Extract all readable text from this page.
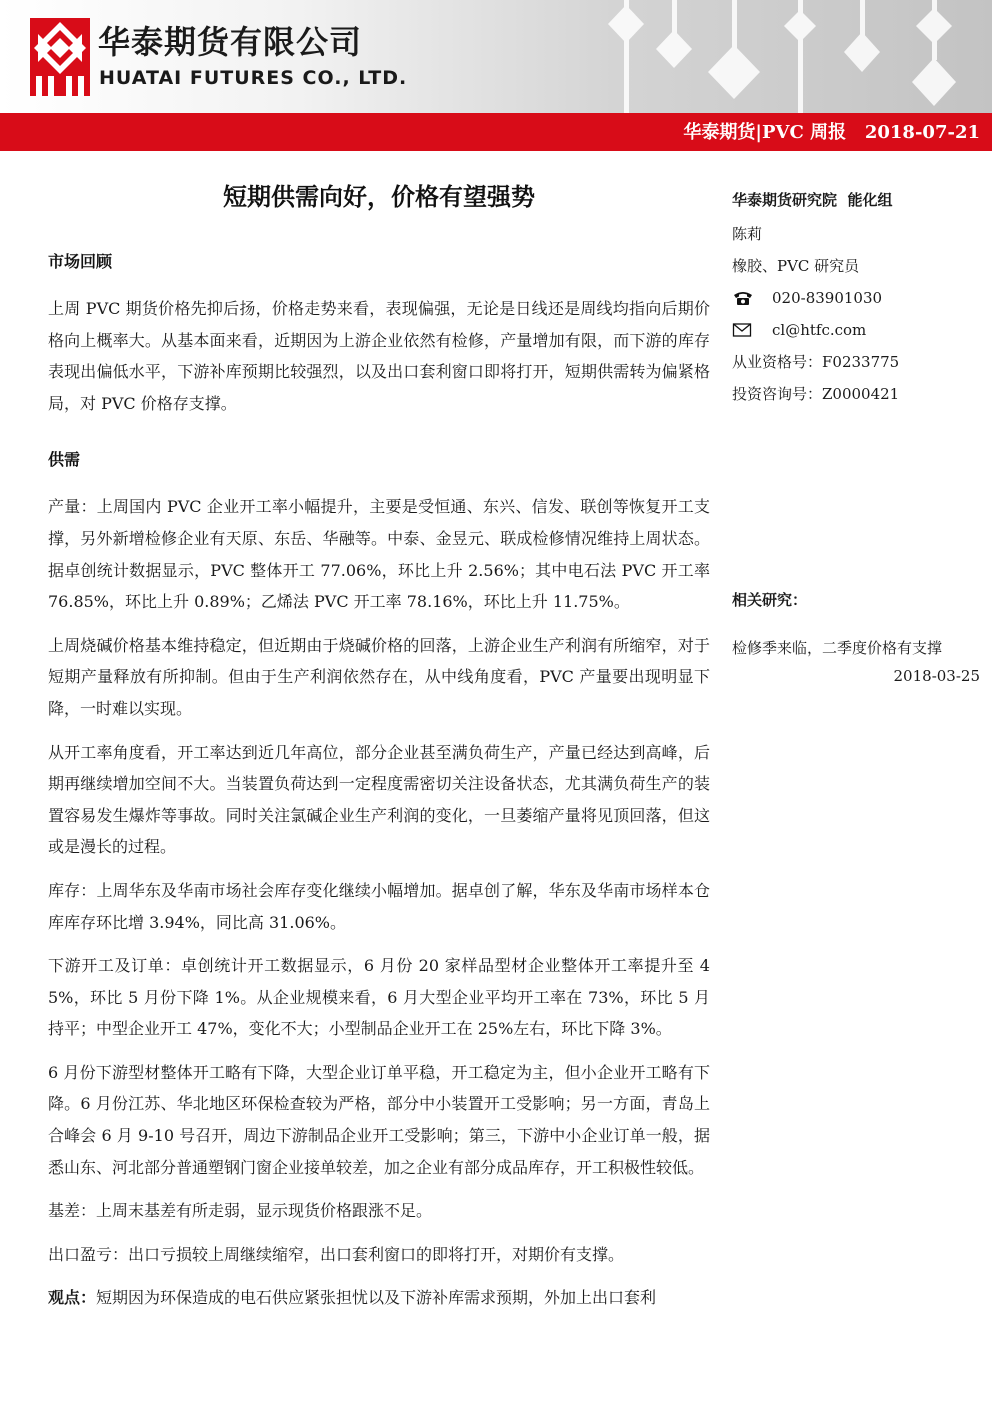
华泰期货有限公司
HUATAI FUTURES CO., LTD.
华泰期货|PVC 周报   2018-07-21
短期供需向好，价格有望强势
市场回顾

上周 PVC 期货价格先抑后扬，价格走势来看，表现偏强，无论是日线还是周线均指向后期价格向上概率大。从基本面来看，近期因为上游企业依然有检修，产量增加有限，而下游的库存表现出偏低水平，下游补库预期比较强烈，以及出口套利窗口即将打开，短期供需转为偏紧格局，对 PVC 价格存支撑。

供需

产量：上周国内 PVC 企业开工率小幅提升，主要是受恒通、东兴、信发、联创等恢复开工支撑，另外新增检修企业有天原、东岳、华融等。中泰、金昱元、联成检修情况维持上周状态。据卓创统计数据显示，PVC 整体开工 77.06%，环比上升 2.56%；其中电石法 PVC 开工率 76.85%，环比上升 0.89%；乙烯法 PVC 开工率 78.16%，环比上升 11.75%。

上周烧碱价格基本维持稳定，但近期由于烧碱价格的回落，上游企业生产利润有所缩窄，对于短期产量释放有所抑制。但由于生产利润依然存在，从中线角度看，PVC 产量要出现明显下降，一时难以实现。

从开工率角度看，开工率达到近几年高位，部分企业甚至满负荷生产，产量已经达到高峰，后期再继续增加空间不大。当装置负荷达到一定程度需密切关注设备状态，尤其满负荷生产的装置容易发生爆炸等事故。同时关注氯碱企业生产利润的变化，一旦萎缩产量将见顶回落，但这或是漫长的过程。

库存：上周华东及华南市场社会库存变化继续小幅增加。据卓创了解，华东及华南市场样本仓库库存环比增 3.94%，同比高 31.06%。

下游开工及订单：卓创统计开工数据显示，6 月份 20 家样品型材企业整体开工率提升至 45%，环比 5 月份下降 1%。从企业规模来看，6 月大型企业平均开工率在 73%，环比 5 月持平；中型企业开工 47%，变化不大；小型制品企业开工在 25%左右，环比下降 3%。

6 月份下游型材整体开工略有下降，大型企业订单平稳，开工稳定为主，但小企业开工略有下降。6 月份江苏、华北地区环保检查较为严格，部分中小装置开工受影响；另一方面，青岛上合峰会 6 月 9-10 号召开，周边下游制品企业开工受影响；第三，下游中小企业订单一般，据悉山东、河北部分普通塑钢门窗企业接单较差，加之企业有部分成品库存，开工积极性较低。

基差：上周末基差有所走弱，显示现货价格跟涨不足。

出口盈亏：出口亏损较上周继续缩窄，出口套利窗口的即将打开，对期价有支撑。

观点：短期因为环保造成的电石供应紧张担忧以及下游补库需求预期，外加上出口套利

华泰期货研究院  能化组
陈莉
橡胶、PVC 研究员
020-83901030
cl@htfc.com
从业资格号：F0233775
投资咨询号：Z0000421
相关研究：
检修季来临，二季度价格有支撑
2018-03-25
